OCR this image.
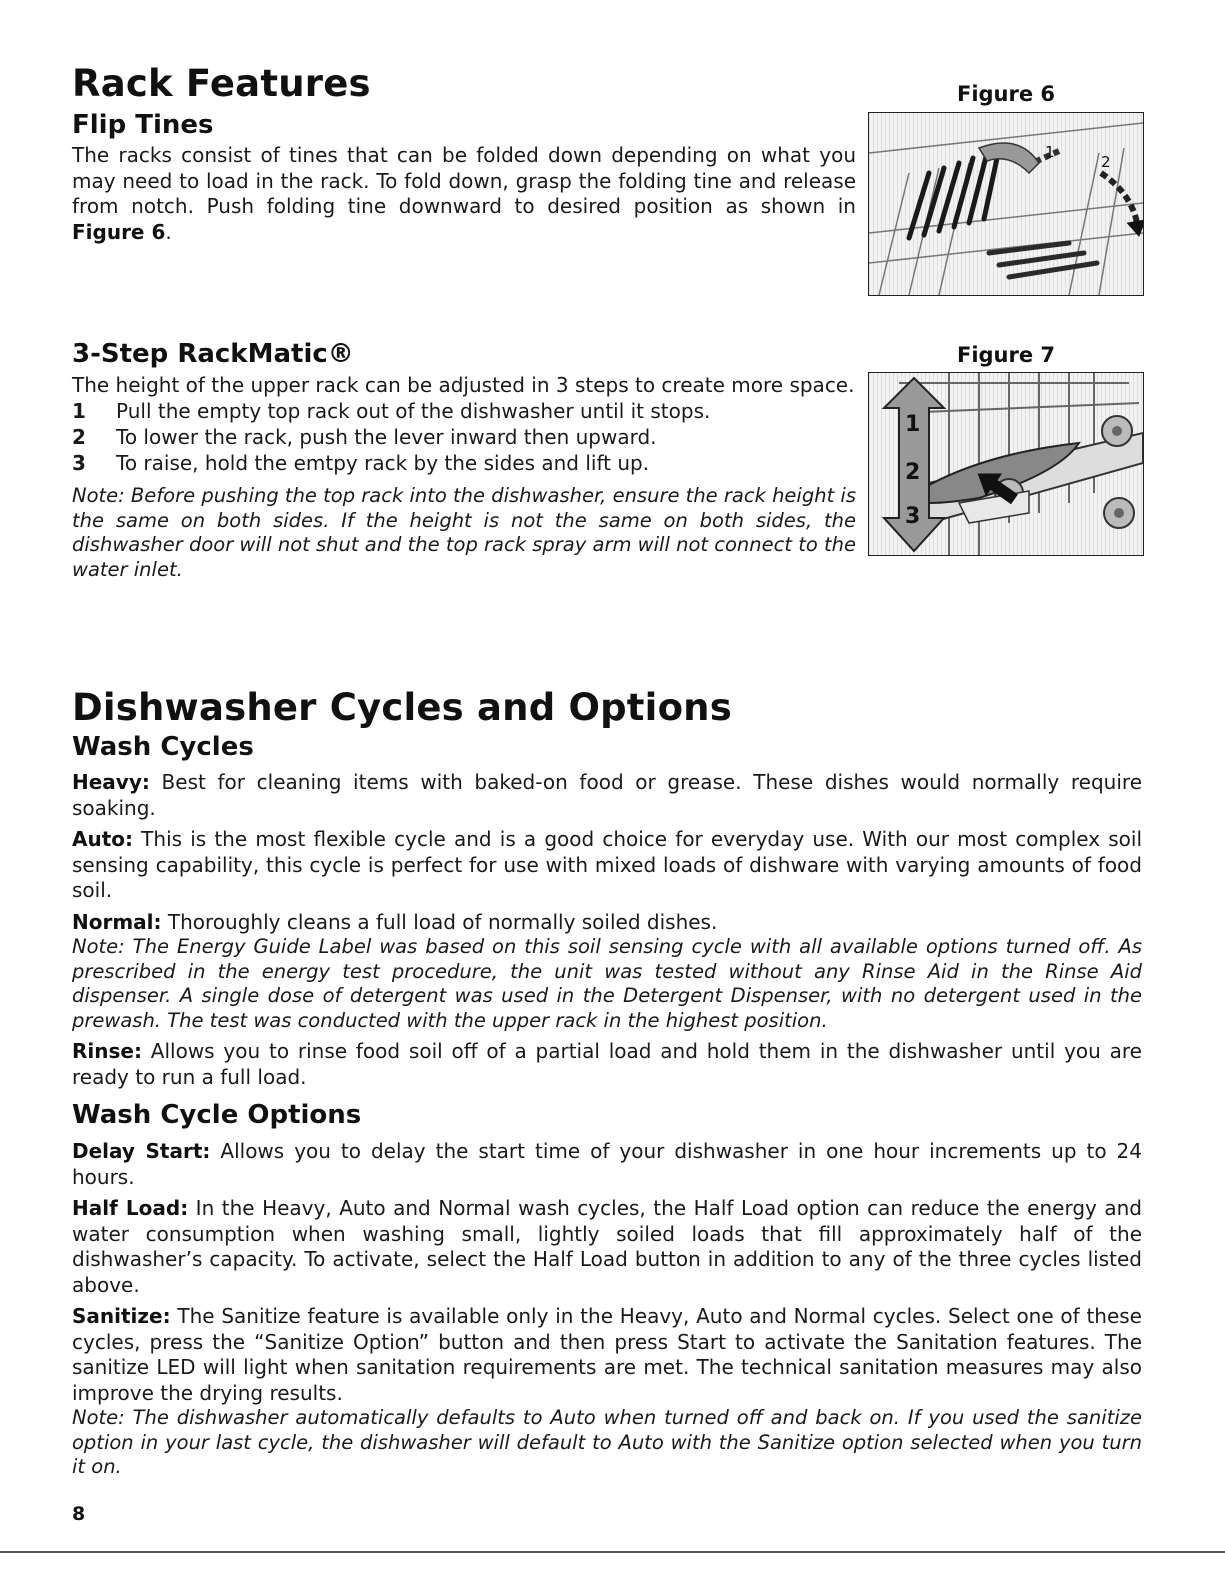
Rack Features
Flip Tines
The racks consist of tines that can be folded down depending on what you may need to load in the rack. To fold down, grasp the folding tine and release from notch. Push folding tine downward to desired position as shown in Figure 6.
Figure 6
1
2
3-Step RackMatic®
The height of the upper rack can be adjusted in 3 steps to create more space.
1 Pull the empty top rack out of the dishwasher until it stops.
2 To lower the rack, push the lever inward then upward.
3 To raise, hold the emtpy rack by the sides and lift up.
Note: Before pushing the top rack into the dishwasher, ensure the rack height is the same on both sides. If the height is not the same on both sides, the dishwasher door will not shut and the top rack spray arm will not connect to the water inlet.
Figure 7
1
2
3
Dishwasher Cycles and Options
Wash Cycles
Heavy: Best for cleaning items with baked-on food or grease. These dishes would normally require soaking.
Auto: This is the most flexible cycle and is a good choice for everyday use. With our most complex soil sensing capability, this cycle is perfect for use with mixed loads of dishware with varying amounts of food soil.
Normal: Thoroughly cleans a full load of normally soiled dishes.
Note: The Energy Guide Label was based on this soil sensing cycle with all available options turned off. As prescribed in the energy test procedure, the unit was tested without any Rinse Aid in the Rinse Aid dispenser. A single dose of detergent was used in the Detergent Dispenser, with no detergent used in the prewash. The test was conducted with the upper rack in the highest position.
Rinse: Allows you to rinse food soil off of a partial load and hold them in the dishwasher until you are ready to run a full load.
Wash Cycle Options
Delay Start: Allows you to delay the start time of your dishwasher in one hour increments up to 24 hours.
Half Load: In the Heavy, Auto and Normal wash cycles, the Half Load option can reduce the energy and water consumption when washing small, lightly soiled loads that fill approximately half of the dishwasher’s capacity. To activate, select the Half Load button in addition to any of the three cycles listed above.
Sanitize: The Sanitize feature is available only in the Heavy, Auto and Normal cycles. Select one of these cycles, press the “Sanitize Option” button and then press Start to activate the Sanitation features. The sanitize LED will light when sanitation requirements are met. The technical sanitation measures may also improve the drying results.
Note: The dishwasher automatically defaults to Auto when turned off and back on. If you used the sanitize option in your last cycle, the dishwasher will default to Auto with the Sanitize option selected when you turn it on.
8
